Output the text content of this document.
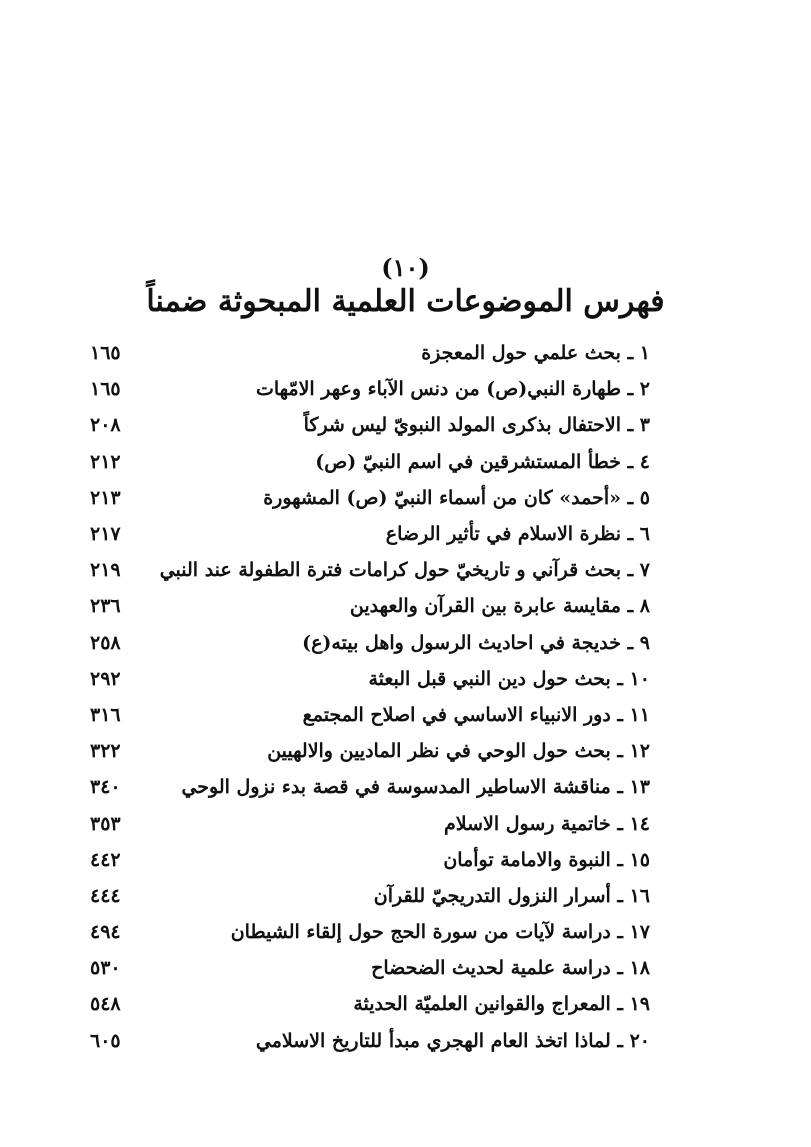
(١٠)
فهرس الموضوعات العلمية المبحوثة ضمناً
١ ـ بحث علمي حول المعجزة
١٦٥
٢ ـ طهارة النبي(ص) من دنس الآباء وعهر الامّهات
١٦٥
٣ ـ الاحتفال بذكرى المولد النبويّ ليس شركاً
٢٠٨
٤ ـ خطأ المستشرقين في اسم النبيّ (ص)
٢١٢
٥ ـ «أحمد» كان من أسماء النبيّ (ص) المشهورة
٢١٣
٦ ـ نظرة الاسلام في تأثير الرضاع
٢١٧
٧ ـ بحث قرآني و تاريخيّ حول كرامات فترة الطفولة عند النبي
٢١٩
٨ ـ مقايسة عابرة بين القرآن والعهدين
٢٣٦
٩ ـ خديجة في احاديث الرسول واهل بيته(ع)
٢٥٨
١٠ ـ بحث حول دين النبي قبل البعثة
٢٩٢
١١ ـ دور الانبياء الاساسي في اصلاح المجتمع
٣١٦
١٢ ـ بحث حول الوحي في نظر الماديين والالهيين
٣٢٢
١٣ ـ مناقشة الاساطير المدسوسة في قصة بدء نزول الوحي
٣٤٠
١٤ ـ خاتمية رسول الاسلام
٣٥٣
١٥ ـ النبوة والامامة توأمان
٤٤٢
١٦ ـ أسرار النزول التدريجيّ للقرآن
٤٤٤
١٧ ـ دراسة لآيات من سورة الحج حول إلقاء الشيطان
٤٩٤
١٨ ـ دراسة علمية لحديث الضحضاح
٥٣٠
١٩ ـ المعراج والقوانين العلميّة الحديثة
٥٤٨
٢٠ ـ لماذا اتخذ العام الهجري مبدأ للتاريخ الاسلامي
٦٠٥
